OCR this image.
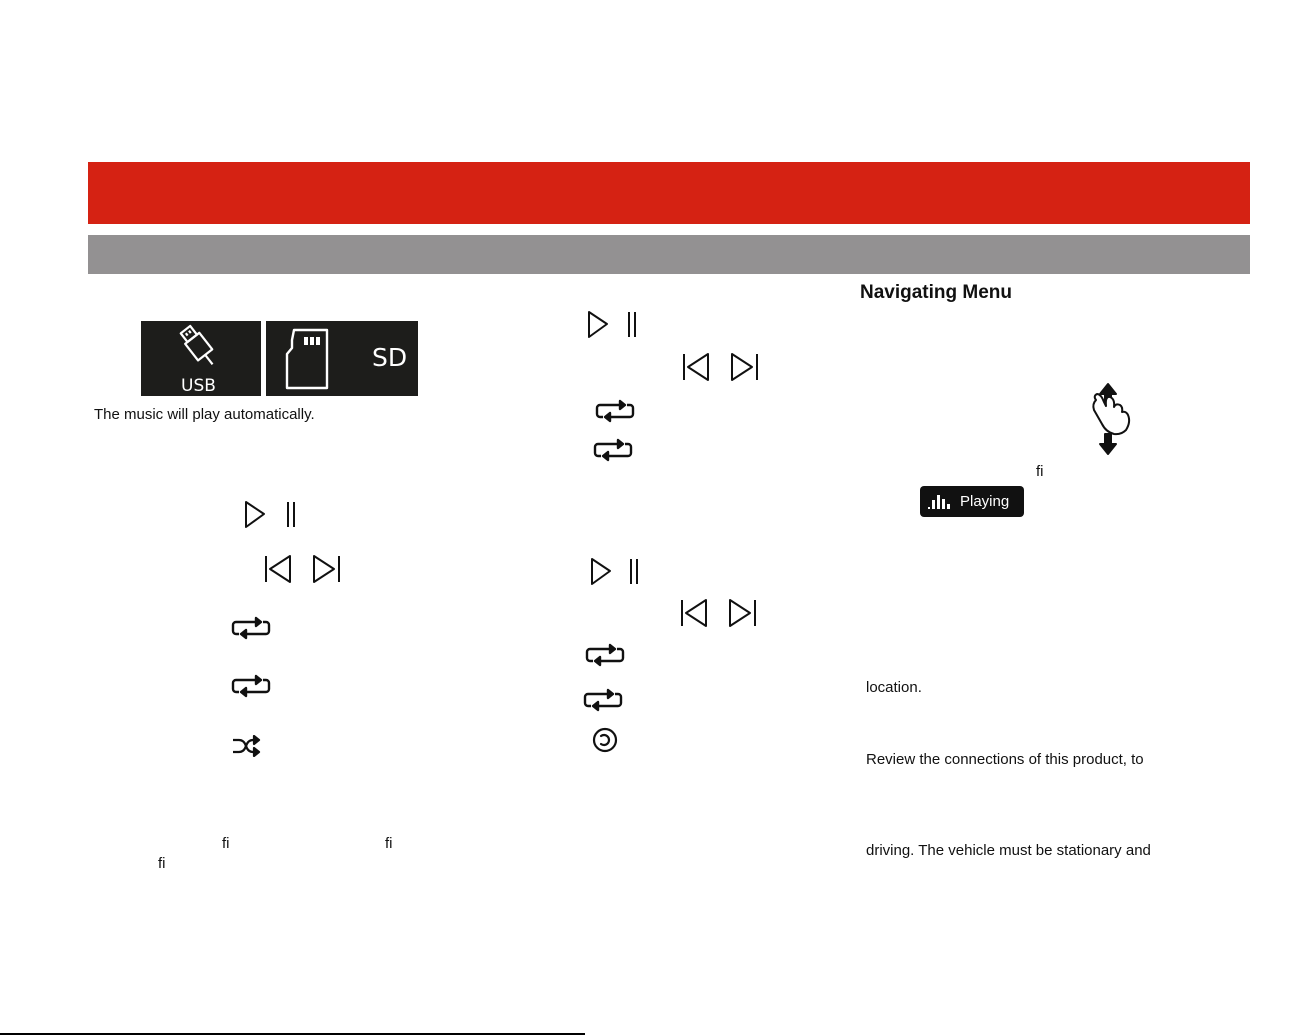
USB
SD
The music will play automatically.
fi	fi
fi
Navigating Menu
fi
Playing
location.
Review the connections of this product, to
driving. The vehicle must be stationary and
